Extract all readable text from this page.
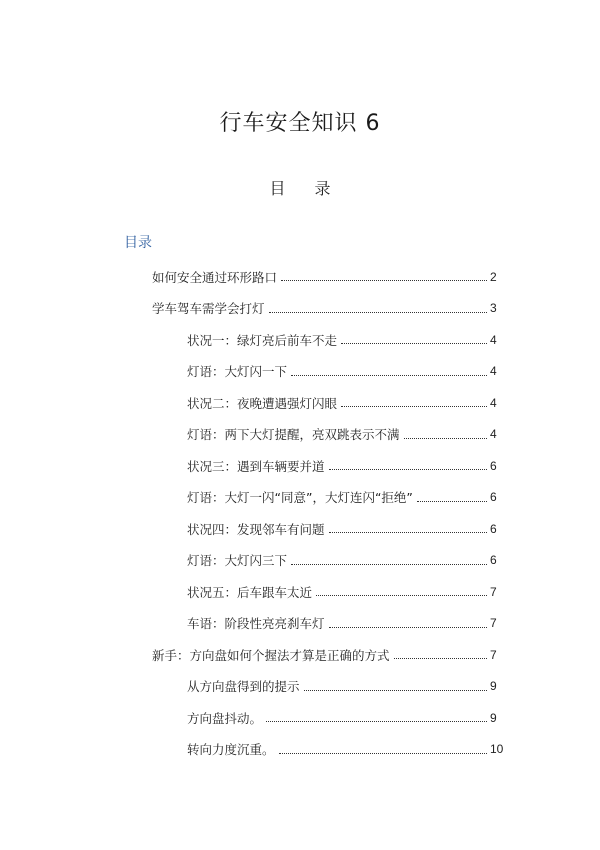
行车安全知识 6
目 录
目录
如何安全通过环形路口	2
学车驾车需学会打灯	3
状况一：绿灯亮后前车不走	4
灯语：大灯闪一下	4
状况二：夜晚遭遇强灯闪眼	4
灯语：两下大灯提醒，亮双跳表示不满	4
状况三：遇到车辆要并道	6
灯语：大灯一闪“同意”，大灯连闪“拒绝”	6
状况四：发现邻车有问题	6
灯语：大灯闪三下	6
状况五：后车跟车太近	7
车语：阶段性亮亮刹车灯	7
新手：方向盘如何个握法才算是正确的方式	7
从方向盘得到的提示	9
方向盘抖动。	9
转向力度沉重。	10
